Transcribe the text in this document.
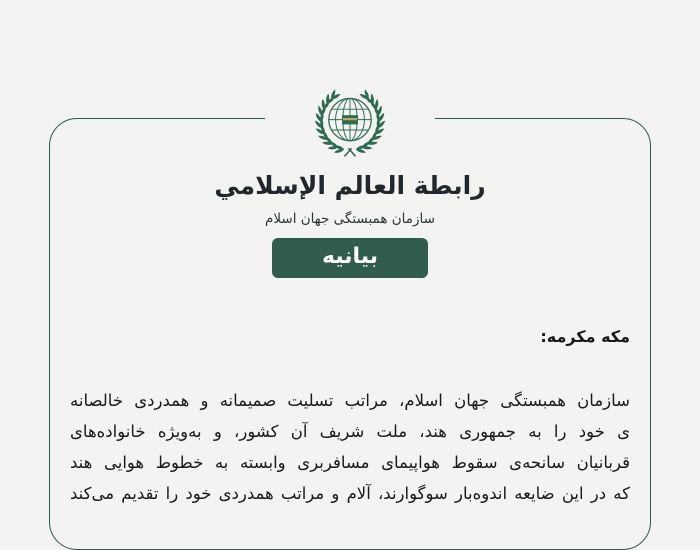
رابطة العالم الإسلامي
سازمان همبستگی جهان اسلام
بیانیه
مکه مکرمه:
سازمان همبستگی جهان اسلام، مراتب تسلیت صمیمانه و همدردی خالصانه
ی خود را به جمهوری هند، ملت شریف آن کشور، و به‌ویژه خانواده‌های
قربانیان سانحه‌ی سقوط هواپیمای مسافربری وابسته به خطوط هوایی هند
که در این ضایعه اندوه‌بار سوگوارند، آلام و مراتب همدردی خود را تقدیم می‌کند
